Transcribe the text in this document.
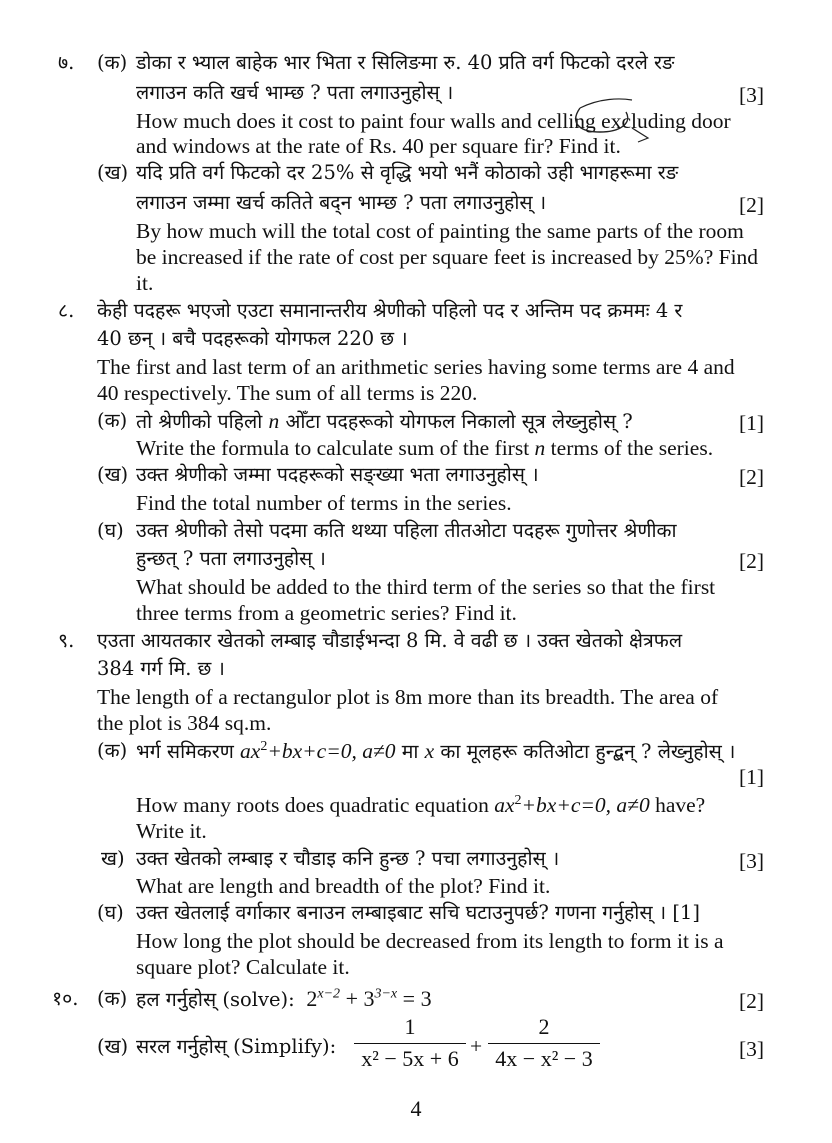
७. (क) डोका र भ्याल बाहेक भार भिता र सिलिङमा रु. 40 प्रति वर्ग फिटको दरले रङ
लगाउन कति खर्च भाम्छ ? पता लगाउनुहोस् ।	[3]
How much does it cost to paint four walls and celling excluding door
and windows at the rate of Rs. 40 per square fir? Find it.
(ख) यदि प्रति वर्ग फिटको दर 25% से वृद्धि भयो भनैं कोठाको उही भागहरूमा रङ
लगाउन जम्मा खर्च कतिते बद्न भाम्छ ? पता लगाउनुहोस् ।	[2]
By how much will the total cost of painting the same parts of the room
be increased if the rate of cost per square feet is increased by 25%? Find
it.
८. केही पदहरू भएजो एउटा समानान्तरीय श्रेणीको पहिलो पद र अन्तिम पद क्रममः 4 र
40 छन् । बचै पदहरूको योगफल 220 छ ।
The first and last term of an arithmetic series having some terms are 4 and
40 respectively. The sum of all terms is 220.
(क) तो श्रेणीको पहिलो n ओँटा पदहरूको योगफल निकालो सूत्र लेख्नुहोस् ?	[1]
Write the formula to calculate sum of the first n terms of the series.
(ख) उक्त श्रेणीको जम्मा पदहरूको सङ्ख्या भता लगाउनुहोस् ।	[2]
Find the total number of terms in the series.
(घ) उक्त श्रेणीको तेसो पदमा कति थथ्या पहिला तीतओटा पदहरू गुणोत्तर श्रेणीका
हुन्छत् ? पता लगाउनुहोस् ।	[2]
What should be added to the third term of the series so that the first
three terms from a geometric series? Find it.
९. एउता आयतकार खेतको लम्बाइ चौडाईभन्दा 8 मि. वे वढी छ । उक्त खेतको क्षेत्रफल
384 गर्ग मि. छ ।
The length of a rectangulor plot is 8m more than its breadth. The area of
the plot is 384 sq.m.
(क) भर्ग समिकरण $ax^2+bx+c=0$, a≠0 मा x का मूलहरू कतिओटा हुन्द्बन् ? लेख्नुहोस् ।
[1]
How many roots does quadratic equation $ax^2+bx+c=0$, a≠0 have?
Write it.
ख) उक्त खेतको लम्बाइ र चौडाइ कनि हुन्छ ? पचा लगाउनुहोस् ।	[3]
What are length and breadth of the plot? Find it.
(घ) उक्त खेतलाई वर्गाकार बनाउन लम्बाइबाट सचि घटाउनुपर्छ? गणना गर्नुहोस् । [1]
How long the plot should be decreased from its length to form it is a
square plot? Calculate it.
१०. (क) हल गर्नुहोस् (solve): $2^{x-2} + 3^{3-x} = 3$	[2]
(ख) सरल गर्नुहोस् (Simplify):
1
x² − 5x + 6 +
2
4x − x² − 3	[3]
4
